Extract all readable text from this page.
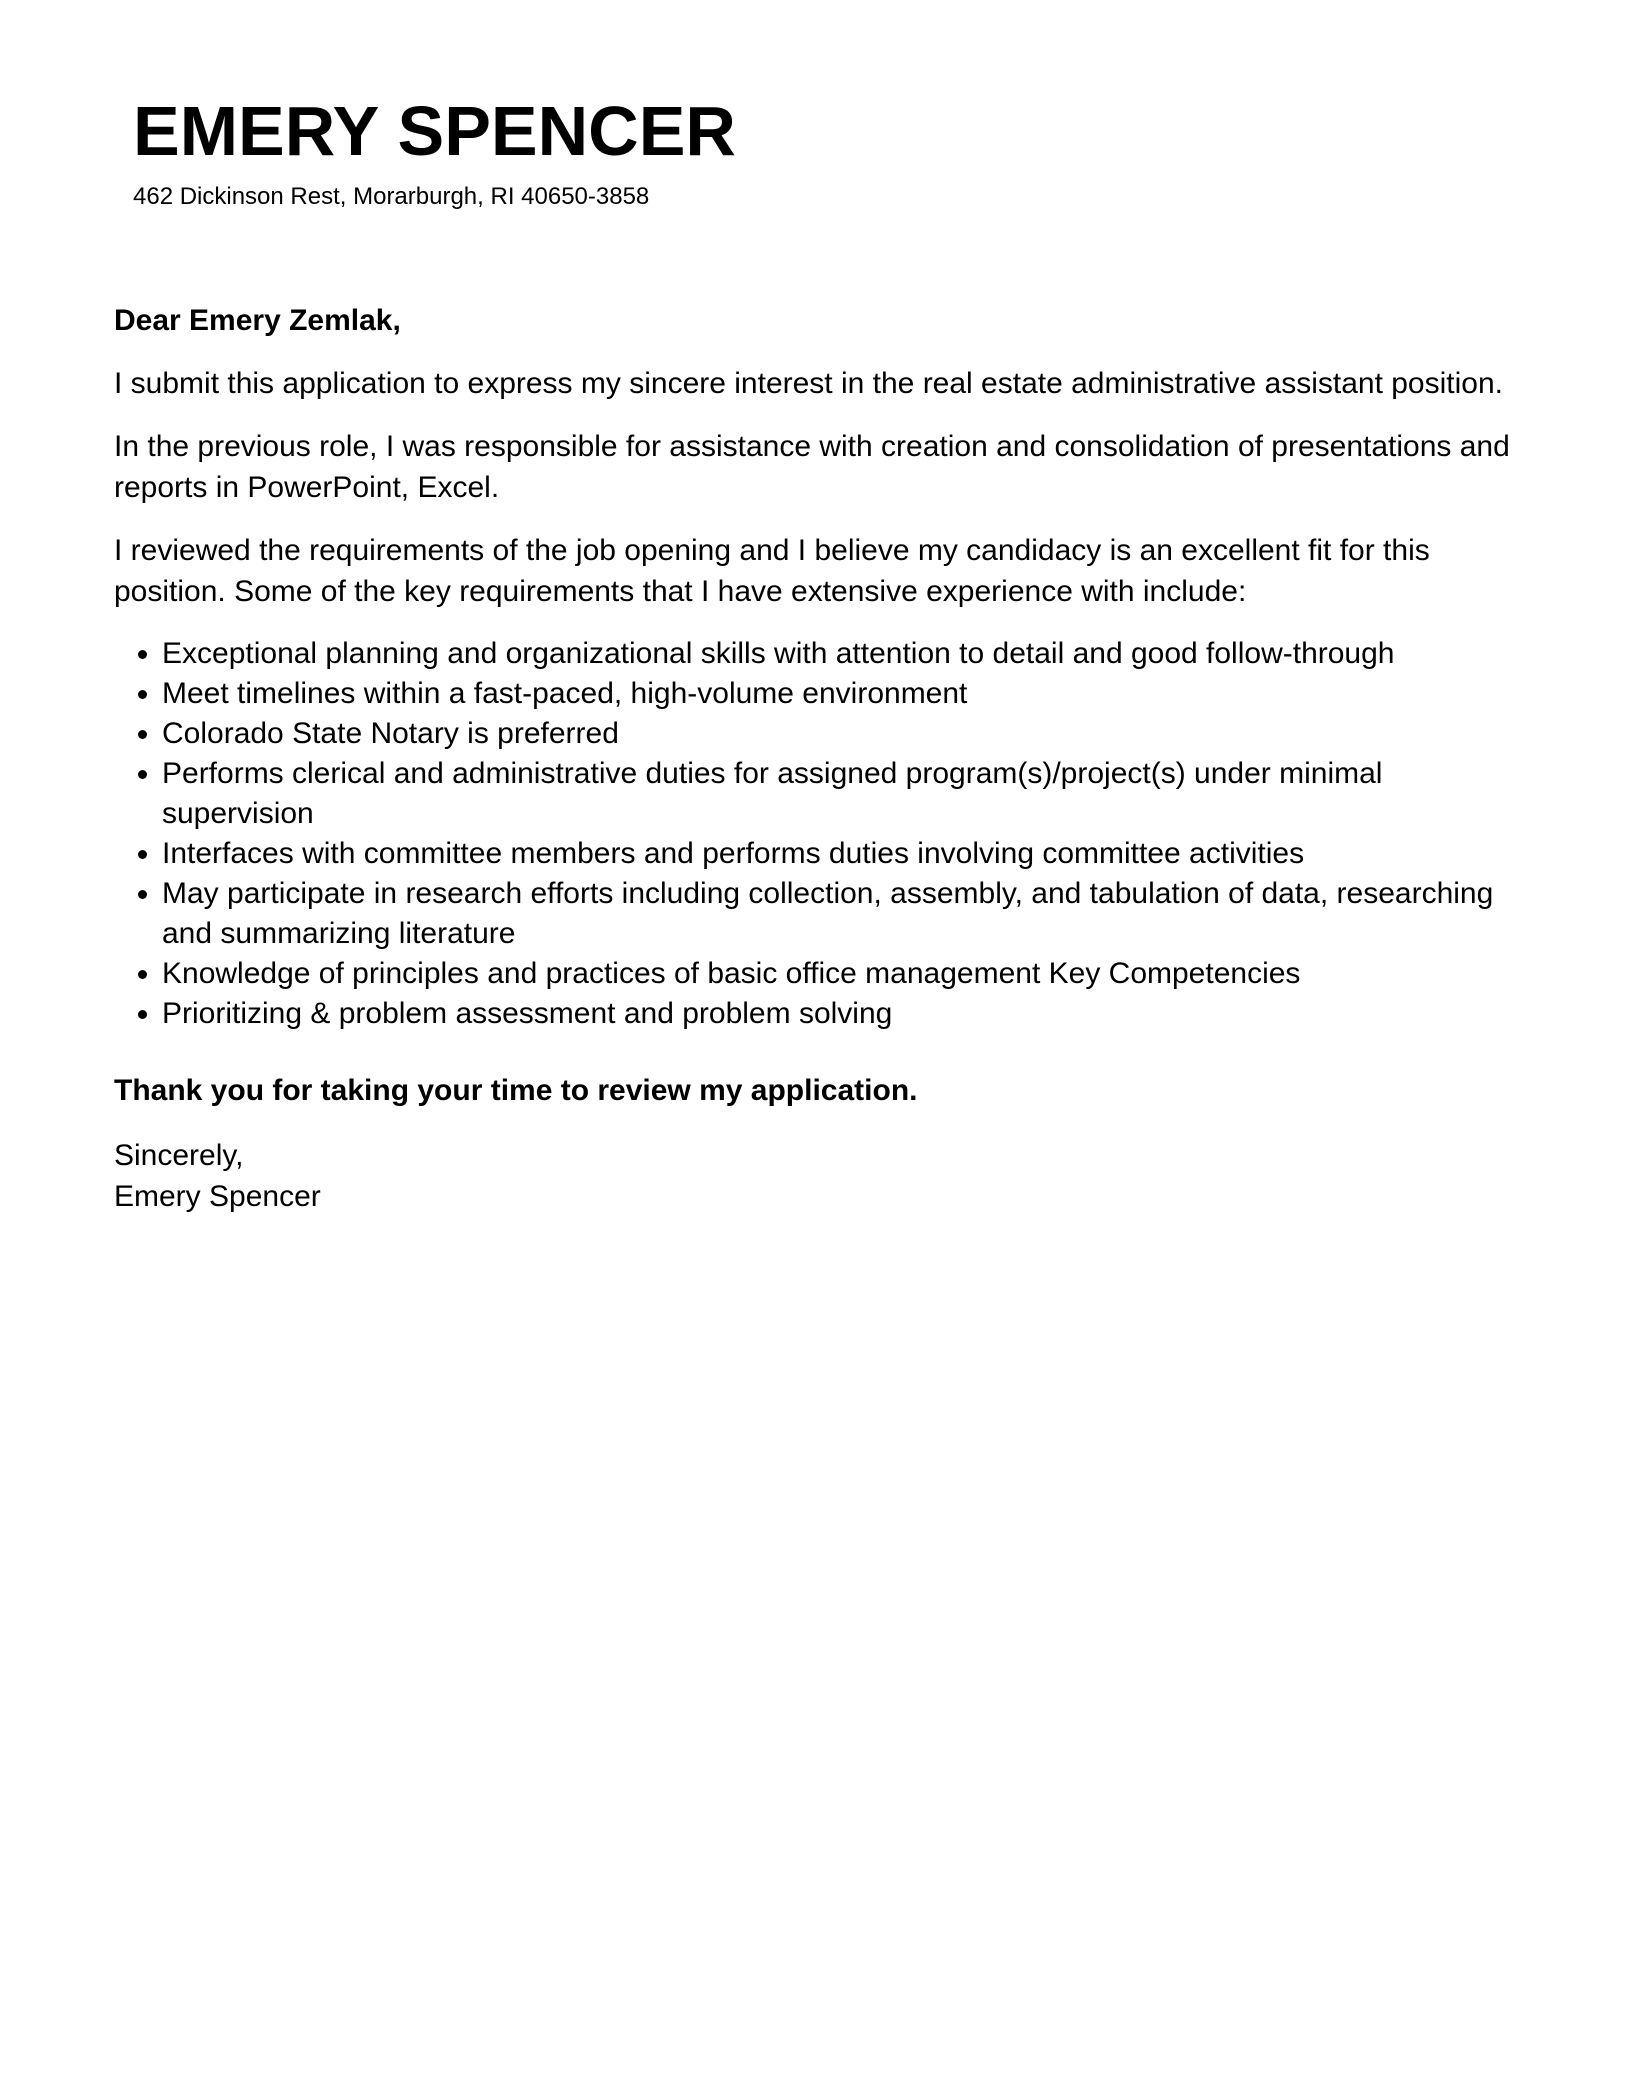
EMERY SPENCER
462 Dickinson Rest, Morarburgh, RI 40650-3858

Dear Emery Zemlak,

I submit this application to express my sincere interest in the real estate administrative assistant position.

In the previous role, I was responsible for assistance with creation and consolidation of presentations and reports in PowerPoint, Excel.

I reviewed the requirements of the job opening and I believe my candidacy is an excellent fit for this position. Some of the key requirements that I have extensive experience with include:

Exceptional planning and organizational skills with attention to detail and good follow-through
Meet timelines within a fast-paced, high-volume environment
Colorado State Notary is preferred
Performs clerical and administrative duties for assigned program(s)/project(s) under minimal supervision
Interfaces with committee members and performs duties involving committee activities
May participate in research efforts including collection, assembly, and tabulation of data, researching and summarizing literature
Knowledge of principles and practices of basic office management Key Competencies
Prioritizing & problem assessment and problem solving

Thank you for taking your time to review my application.

Sincerely,
Emery Spencer
